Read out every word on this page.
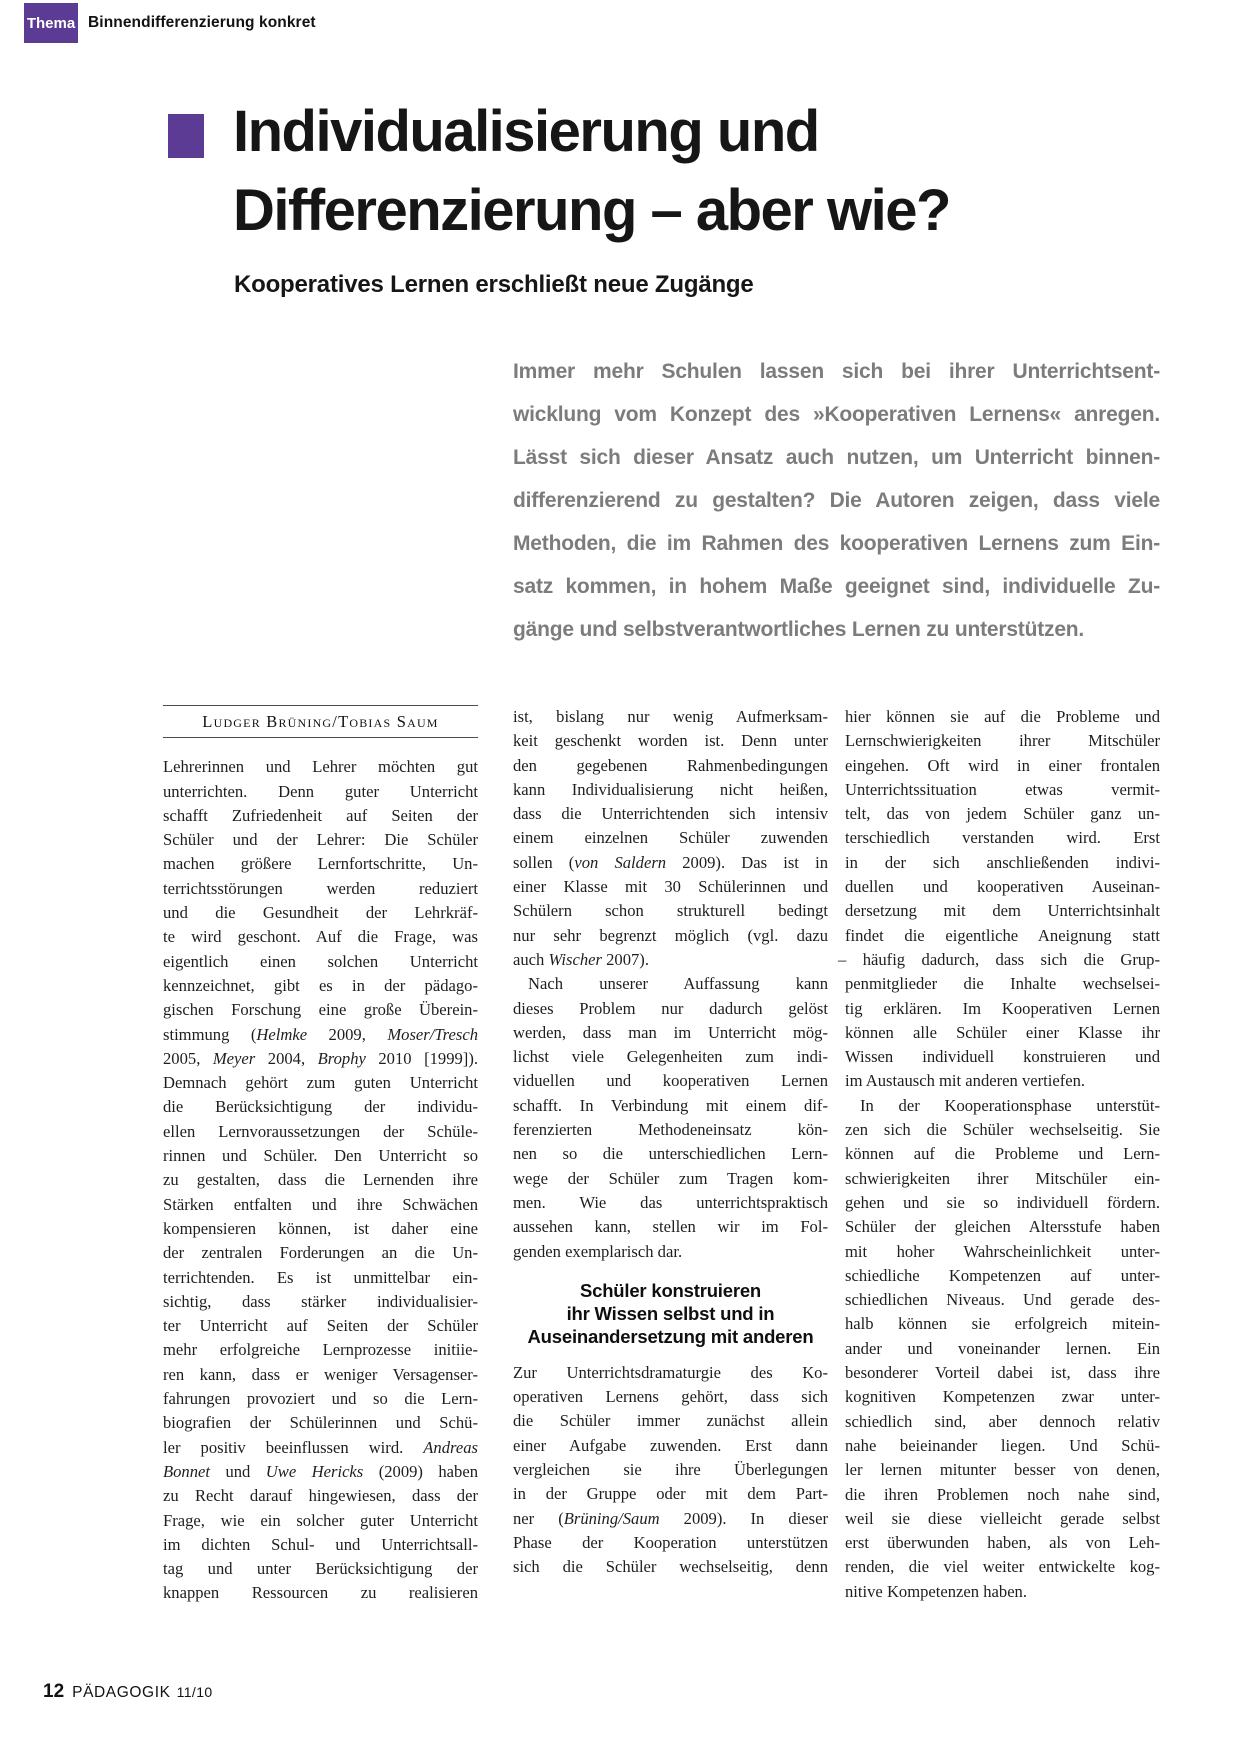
Thema Binnendifferenzierung konkret
Individualisierung und
Differenzierung – aber wie?
Kooperatives Lernen erschließt neue Zugänge
Immer mehr Schulen lassen sich bei ihrer Unterrichtsent-
wicklung vom Konzept des »Kooperativen Lernens« anregen.
Lässt sich dieser Ansatz auch nutzen, um Unterricht binnen-
differenzierend zu gestalten? Die Autoren zeigen, dass viele
Methoden, die im Rahmen des kooperativen Lernens zum Ein-
satz kommen, in hohem Maße geeignet sind, individuelle Zu-
gänge und selbstverantwortliches Lernen zu unterstützen.
Ludger Brüning/Tobias Saum
Lehrerinnen und Lehrer möchten gut
unterrichten. Denn guter Unterricht
schafft Zufriedenheit auf Seiten der
Schüler und der Lehrer: Die Schüler
machen größere Lernfortschritte, Un-
terrichtsstörungen werden reduziert
und die Gesundheit der Lehrkräf-
te wird geschont. Auf die Frage, was
eigentlich einen solchen Unterricht
kennzeichnet, gibt es in der pädago-
gischen Forschung eine große Überein-
stimmung (Helmke 2009, Moser/Tresch
2005, Meyer 2004, Brophy 2010 [1999]).
Demnach gehört zum guten Unterricht
die Berücksichtigung der individu-
ellen Lernvoraussetzungen der Schüle-
rinnen und Schüler. Den Unterricht so
zu gestalten, dass die Lernenden ihre
Stärken entfalten und ihre Schwächen
kompensieren können, ist daher eine
der zentralen Forderungen an die Un-
terrichtenden. Es ist unmittelbar ein-
sichtig, dass stärker individualisier-
ter Unterricht auf Seiten der Schüler
mehr erfolgreiche Lernprozesse initiie-
ren kann, dass er weniger Versagenser-
fahrungen provoziert und so die Lern-
biografien der Schülerinnen und Schü-
ler positiv beeinflussen wird. Andreas
Bonnet und Uwe Hericks (2009) haben
zu Recht darauf hingewiesen, dass der
Frage, wie ein solcher guter Unterricht
im dichten Schul- und Unterrichtsall-
tag und unter Berücksichtigung der
knappen Ressourcen zu realisieren
ist, bislang nur wenig Aufmerksam-
keit geschenkt worden ist. Denn unter
den gegebenen Rahmenbedingungen
kann Individualisierung nicht heißen,
dass die Unterrichtenden sich intensiv
einem einzelnen Schüler zuwenden
sollen (von Saldern 2009). Das ist in
einer Klasse mit 30 Schülerinnen und
Schülern schon strukturell bedingt
nur sehr begrenzt möglich (vgl. dazu
auch Wischer 2007).
Nach unserer Auffassung kann
dieses Problem nur dadurch gelöst
werden, dass man im Unterricht mög-
lichst viele Gelegenheiten zum indi-
viduellen und kooperativen Lernen
schafft. In Verbindung mit einem dif-
ferenzierten Methodeneinsatz kön-
nen so die unterschiedlichen Lern-
wege der Schüler zum Tragen kom-
men. Wie das unterrichtspraktisch
aussehen kann, stellen wir im Fol-
genden exemplarisch dar.
Schüler konstruieren
ihr Wissen selbst und in
Auseinandersetzung mit anderen
Zur Unterrichtsdramaturgie des Ko-
operativen Lernens gehört, dass sich
die Schüler immer zunächst allein
einer Aufgabe zuwenden. Erst dann
vergleichen sie ihre Überlegungen
in der Gruppe oder mit dem Part-
ner (Brüning/Saum 2009). In dieser
Phase der Kooperation unterstützen
sich die Schüler wechselseitig, denn
hier können sie auf die Probleme und
Lernschwierigkeiten ihrer Mitschüler
eingehen. Oft wird in einer frontalen
Unterrichtssituation etwas vermit-
telt, das von jedem Schüler ganz un-
terschiedlich verstanden wird. Erst
in der sich anschließenden indivi-
duellen und kooperativen Auseinan-
dersetzung mit dem Unterrichtsinhalt
findet die eigentliche Aneignung statt
– häufig dadurch, dass sich die Grup-
penmitglieder die Inhalte wechselsei-
tig erklären. Im Kooperativen Lernen
können alle Schüler einer Klasse ihr
Wissen individuell konstruieren und
im Austausch mit anderen vertiefen.
In der Kooperationsphase unterstüt-
zen sich die Schüler wechselseitig. Sie
können auf die Probleme und Lern-
schwierigkeiten ihrer Mitschüler ein-
gehen und sie so individuell fördern.
Schüler der gleichen Altersstufe haben
mit hoher Wahrscheinlichkeit unter-
schiedliche Kompetenzen auf unter-
schiedlichen Niveaus. Und gerade des-
halb können sie erfolgreich mitein-
ander und voneinander lernen. Ein
besonderer Vorteil dabei ist, dass ihre
kognitiven Kompetenzen zwar unter-
schiedlich sind, aber dennoch relativ
nahe beieinander liegen. Und Schü-
ler lernen mitunter besser von denen,
die ihren Problemen noch nahe sind,
weil sie diese vielleicht gerade selbst
erst überwunden haben, als von Leh-
renden, die viel weiter entwickelte kog-
nitive Kompetenzen haben.
12 PÄDAGOGIK 11/10
